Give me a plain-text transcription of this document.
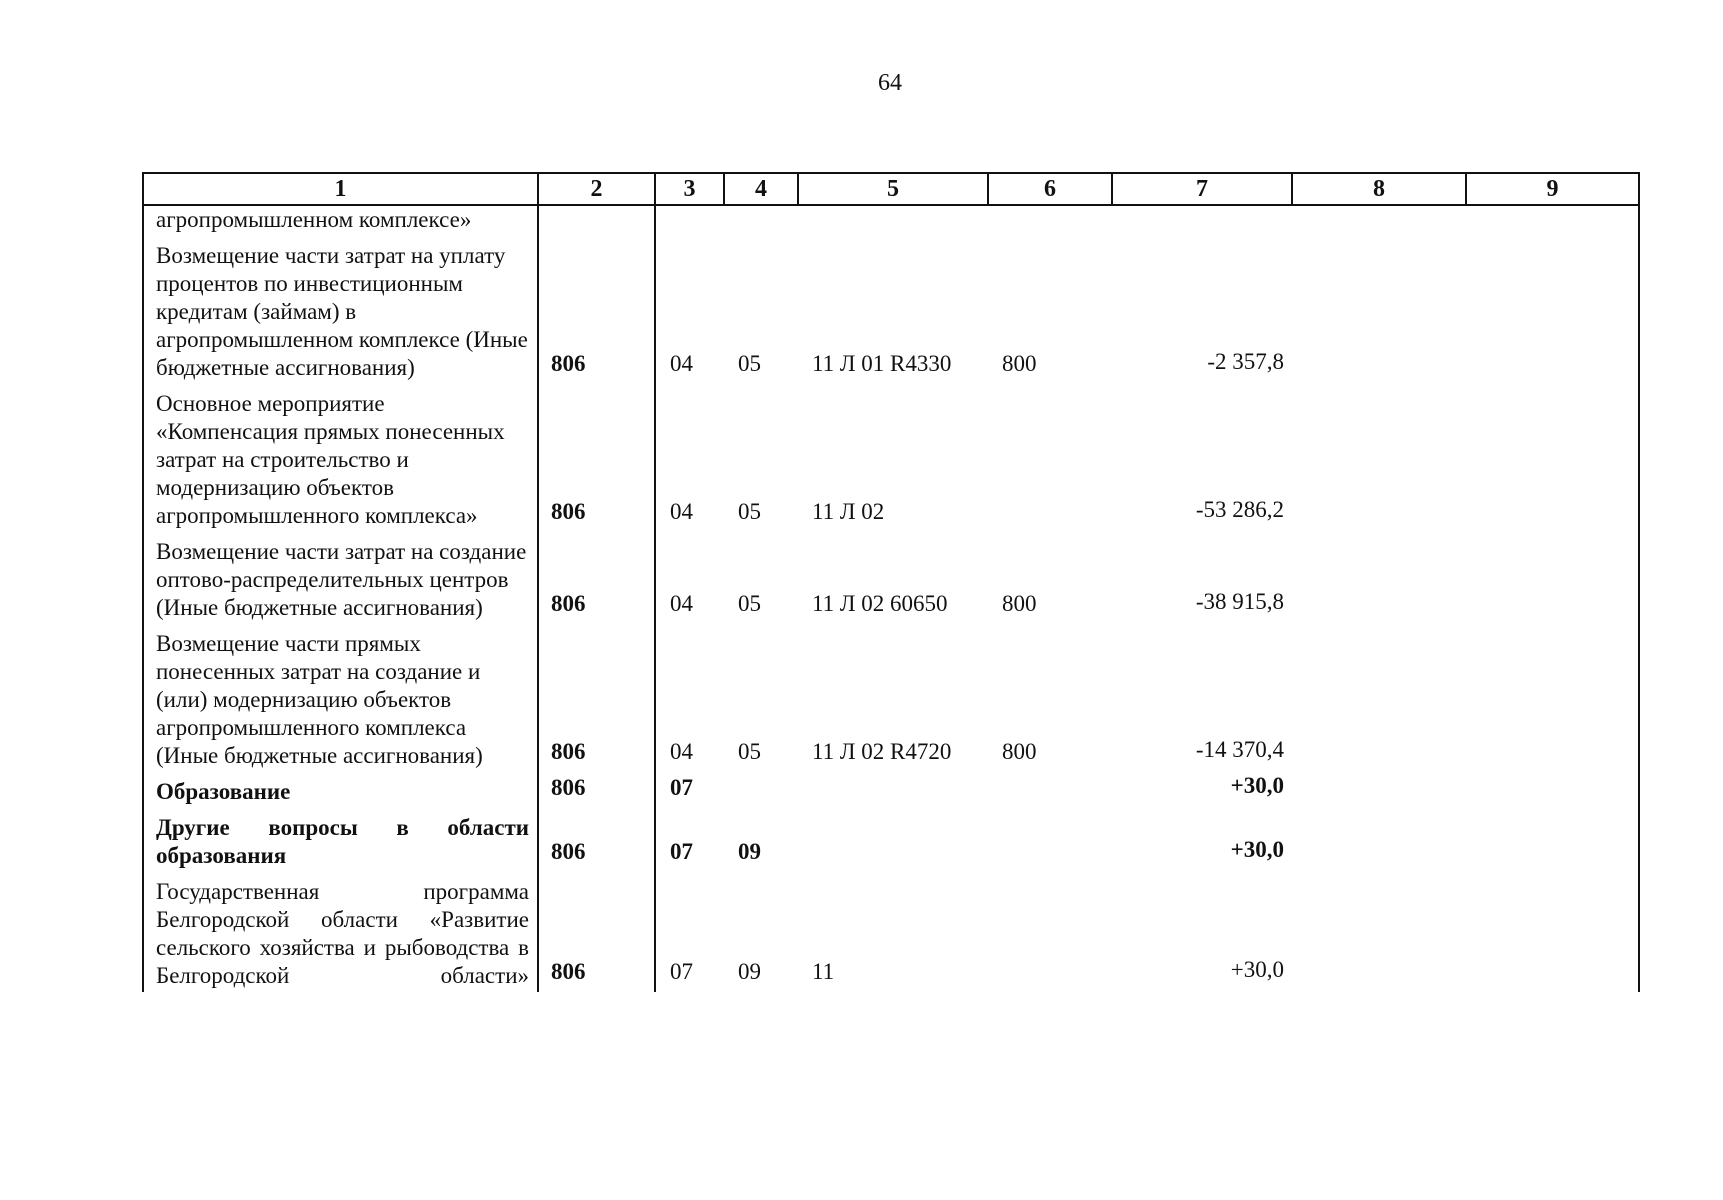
64
1	2	3	4	5	6	7	8	9
агропромышленном комплексе»								
Возмещение части затрат на уплату процентов по инвестиционным кредитам (займам) в агропромышленном комплексе (Иные бюджетные ассигнования)	806	04	05	11 Л 01 R4330	800	-2 357,8		
Основное мероприятие «Компенсация прямых понесенных затрат на строительство и модернизацию объектов агропромышленного комплекса»	806	04	05	11 Л 02		-53 286,2		
Возмещение части затрат на создание оптово-распределительных центров (Иные бюджетные ассигнования)	806	04	05	11 Л 02 60650	800	-38 915,8		
Возмещение части прямых понесенных затрат на создание и (или) модернизацию объектов агропромышленного комплекса (Иные бюджетные ассигнования)	806	04	05	11 Л 02 R4720	800	-14 370,4		
Образование	806	07				+30,0		
Другие вопросы в области образования	806	07	09			+30,0		
Государственная программа Белгородской области «Развитие сельского хозяйства и рыбоводства в Белгородской области»	806	07	09	11		+30,0		
